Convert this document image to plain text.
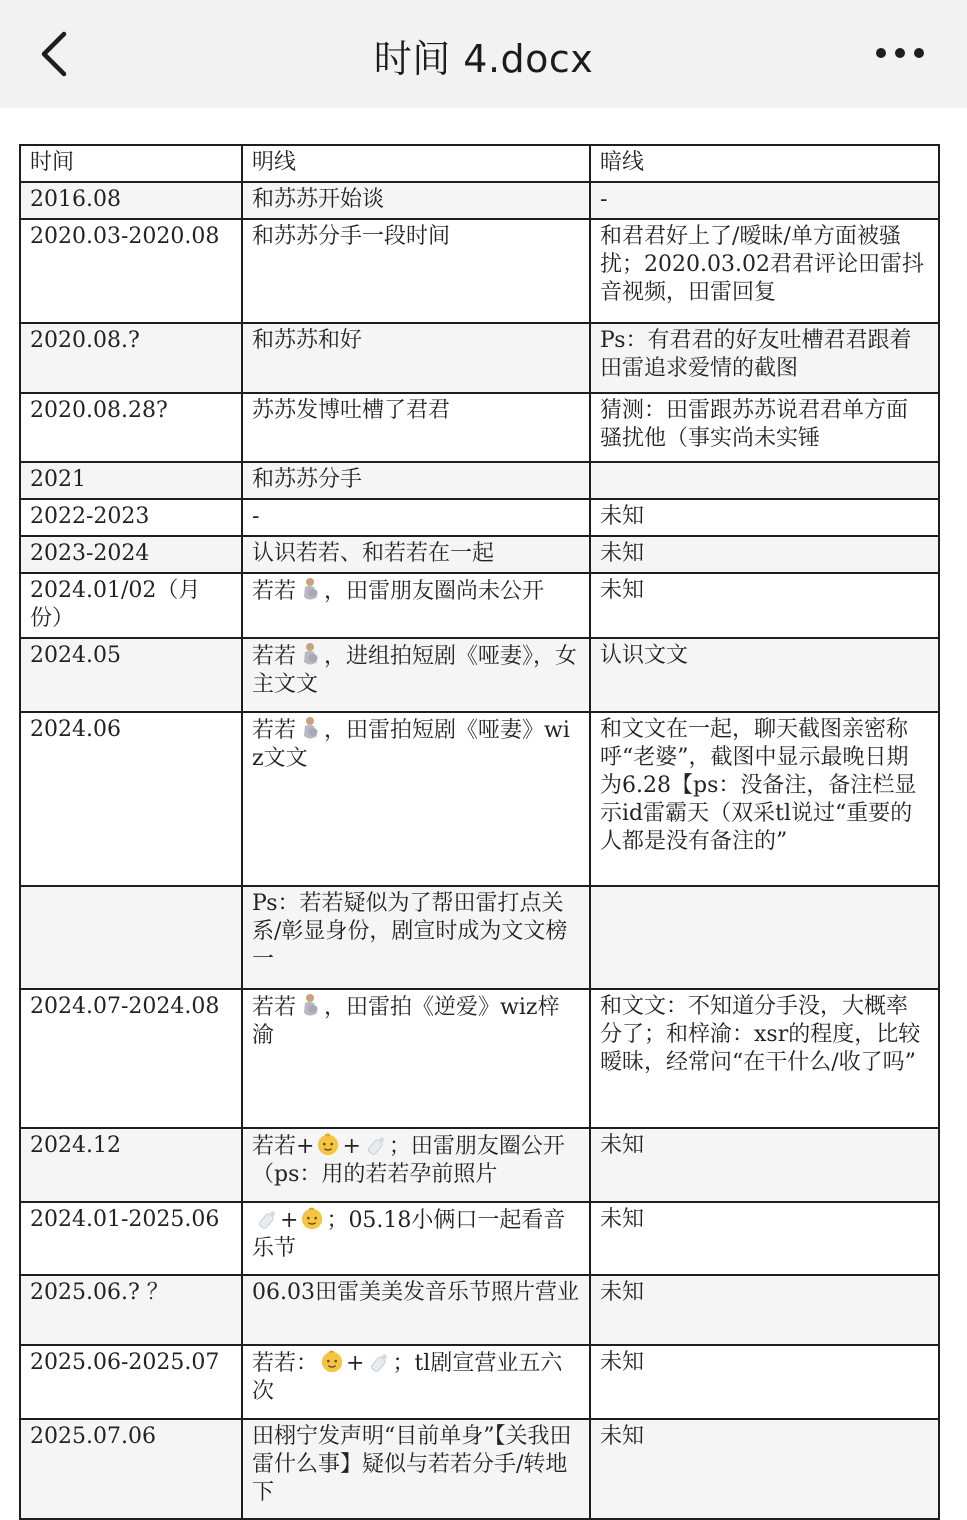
时间 4.docx
时间	明线	暗线
2016.08	和苏苏开始谈	-
2020.03-2020.08	和苏苏分手一段时间	和君君好上了/暧昧/单方面被骚扰；2020.03.02君君评论田雷抖音视频，田雷回复
2020.08.?	和苏苏和好	Ps：有君君的好友吐槽君君跟着田雷追求爱情的截图
2020.08.28?	苏苏发博吐槽了君君	猜测：田雷跟苏苏说君君单方面骚扰他（事实尚未实锤
2021	和苏苏分手	
2022-2023	-	未知
2023-2024	认识若若、和若若在一起	未知
2024.01/02（月份）	若若 ，田雷朋友圈尚未公开	未知
2024.05	若若 ，进组拍短剧《哑妻》，女主文文	认识文文
2024.06	若若 ，田雷拍短剧《哑妻》wiz文文	和文文在一起，聊天截图亲密称呼“老婆”，截图中显示最晚日期为6.28【ps：没备注，备注栏显示id雷霸天（双采tl说过“重要的人都是没有备注的”
	Ps：若若疑似为了帮田雷打点关系/彰显身份，剧宣时成为文文榜一	
2024.07-2024.08	若若 ，田雷拍《逆爱》wiz梓渝	和文文：不知道分手没，大概率分了；和梓渝：xsr的程度，比较暧昧，经常问“在干什么/收了吗”
2024.12	若若+ + ；田雷朋友圈公开（ps：用的若若孕前照片	未知
2024.01-2025.06	+ ；05.18小俩口一起看音乐节	未知
2025.06.? ？	06.03田雷美美发音乐节照片营业	未知
2025.06-2025.07	若若： + ；tl剧宣营业五六次	未知
2025.07.06	田栩宁发声明“目前单身”【关我田雷什么事】疑似与若若分手/转地下	未知
